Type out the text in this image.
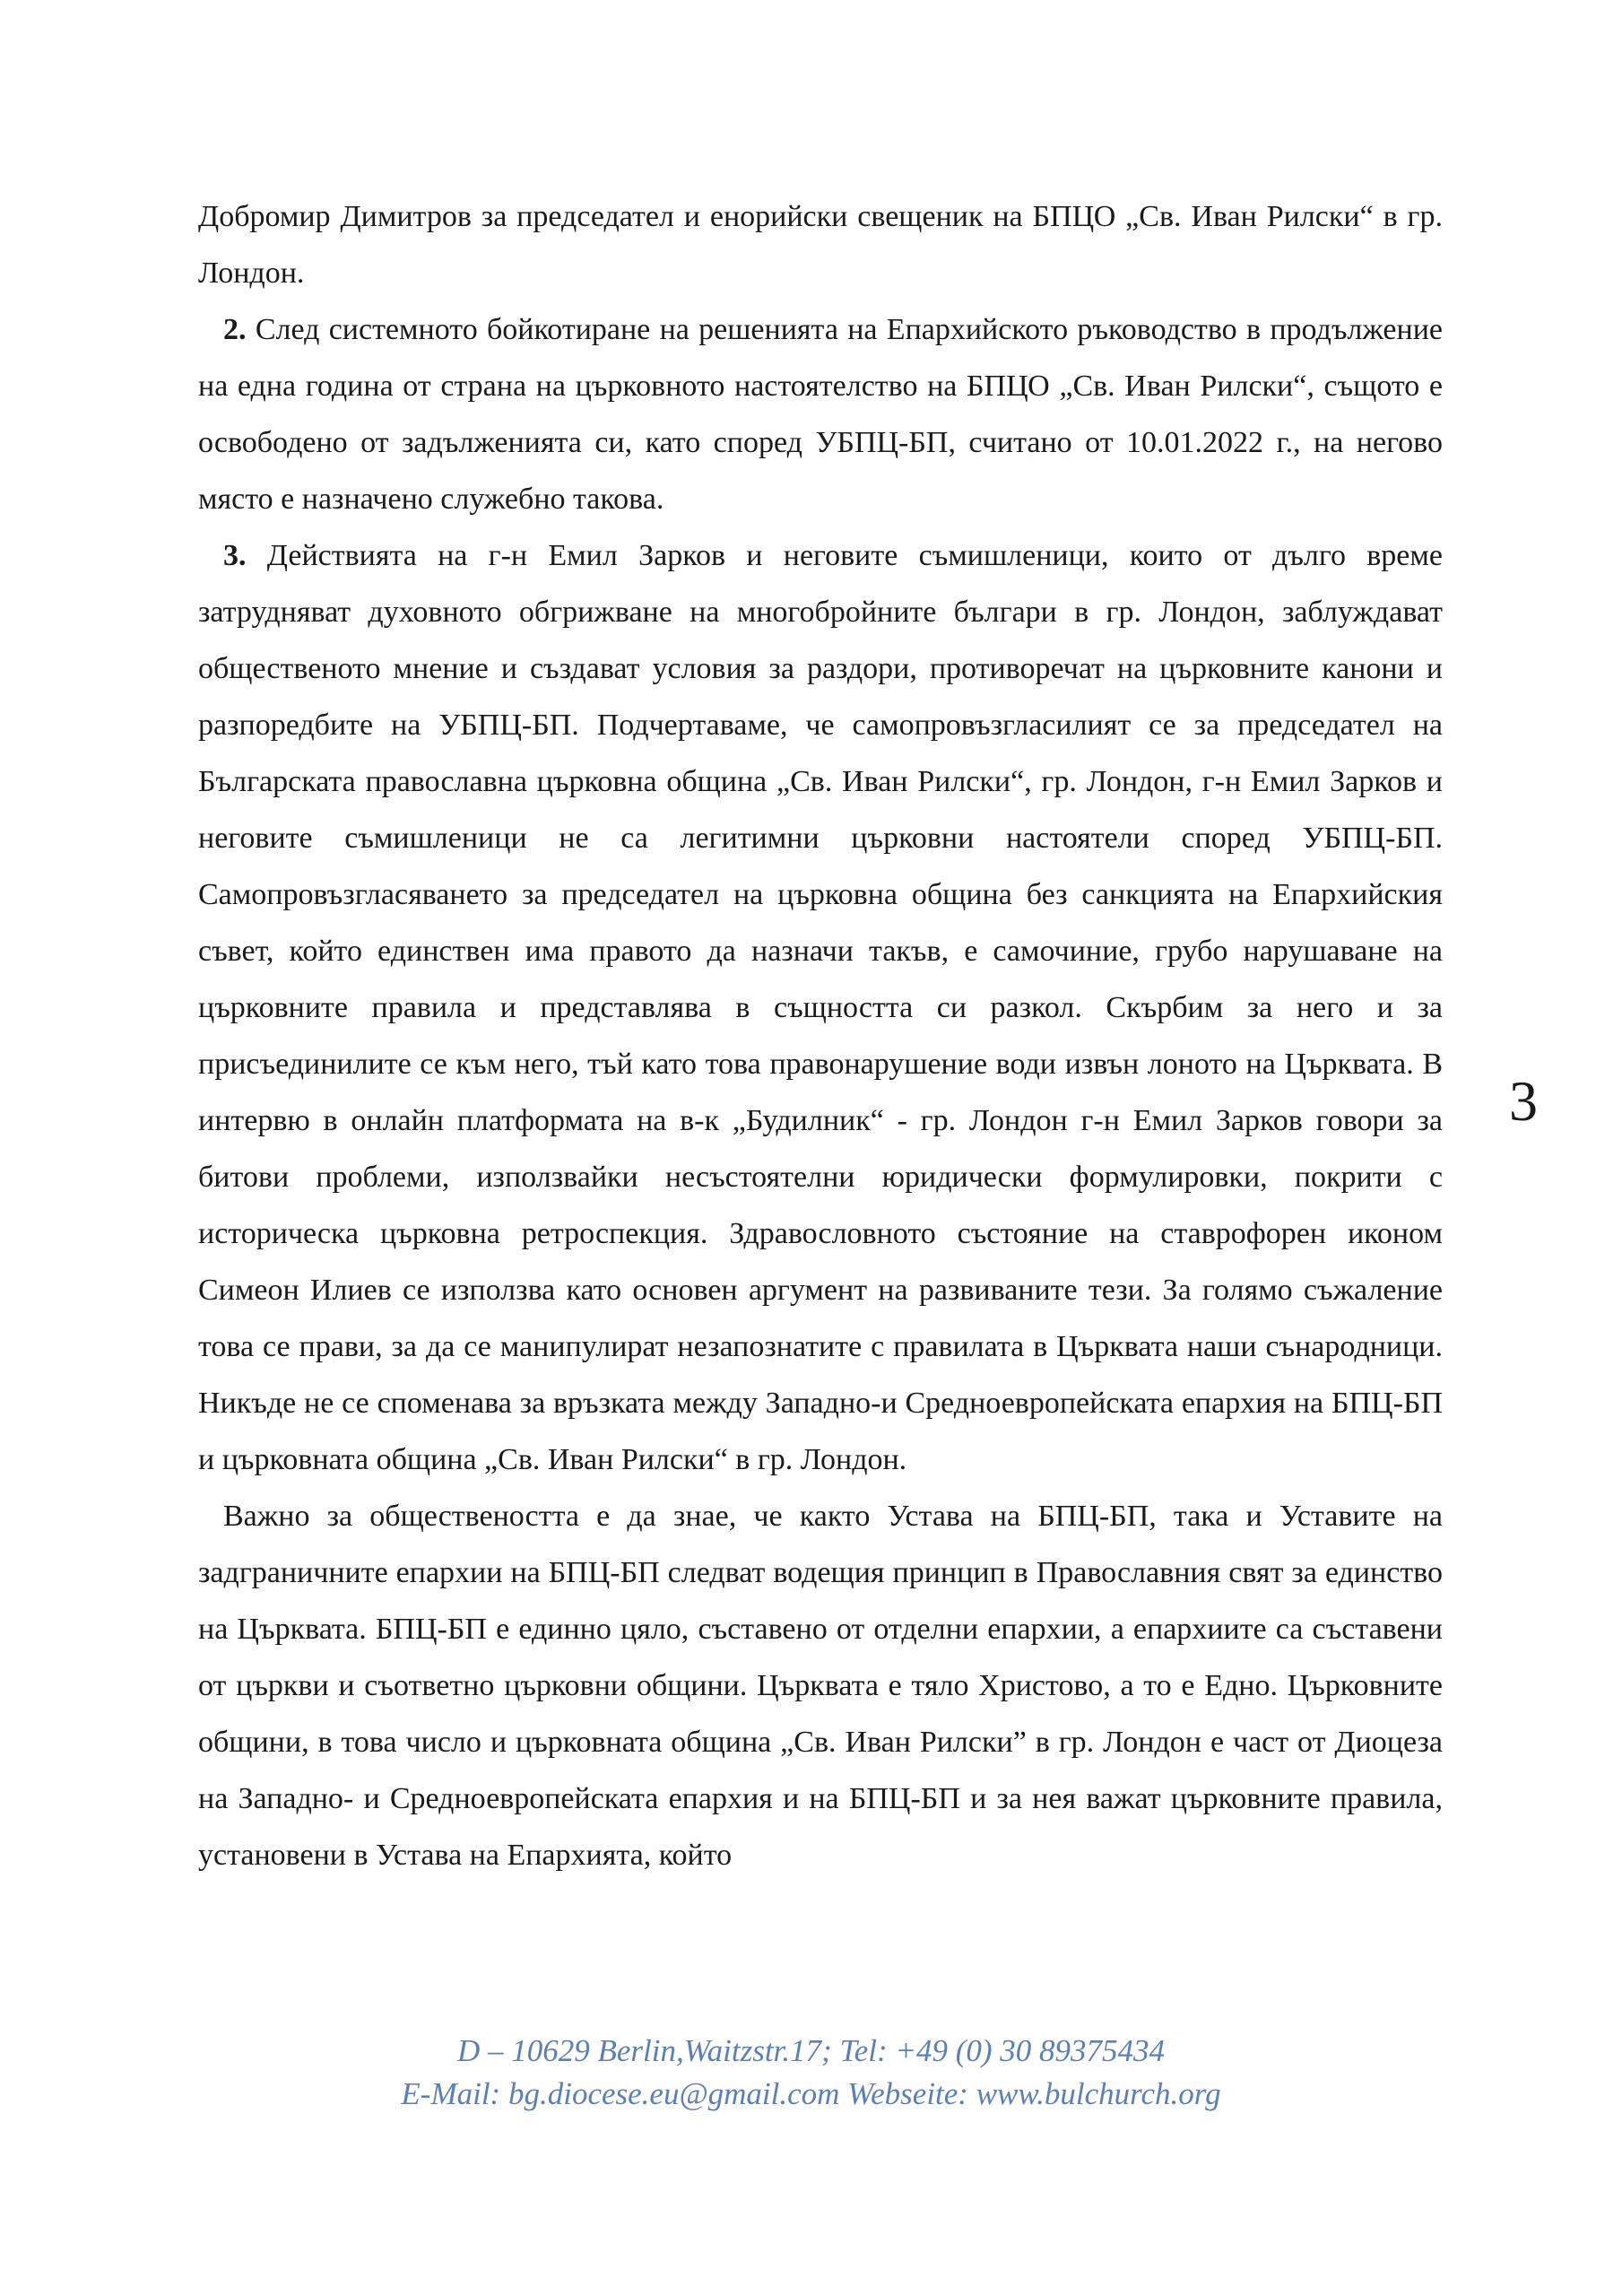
Добромир Димитров за председател и енорийски свещеник на БПЦО „Св. Иван Рилски“ в гр. Лондон.

2. След системното бойкотиране на решенията на Епархийското ръководство в продължение на една година от страна на църковното настоятелство на БПЦО „Св. Иван Рилски“, същото е освободено от задълженията си, като според УБПЦ-БП, считано от 10.01.2022 г., на негово място е назначено служебно такова.

3. Действията на г-н Емил Зарков и неговите съмишленици, които от дълго време затрудняват духовното обгрижване на многобройните българи в гр. Лондон, заблуждават общественото мнение и създават условия за раздори, противоречат на църковните канони и разпоредбите на УБПЦ-БП. Подчертаваме, че самопровъзгласилият се за председател на Българската православна църковна община „Св. Иван Рилски“, гр. Лондон, г-н Емил Зарков и неговите съмишленици не са легитимни църковни настоятели според УБПЦ-БП. Самопровъзгласяването за председател на църковна община без санкцията на Епархийския съвет, който единствен има правото да назначи такъв, е самочиние, грубо нарушаване на църковните правила и представлява в същността си разкол. Скърбим за него и за присъединилите се към него, тъй като това правонарушение води извън лоното на Църквата. В интервю в онлайн платформата на в-к „Будилник“ - гр. Лондон г-н Емил Зарков говори за битови проблеми, използвайки несъстоятелни юридически формулировки, покрити с историческа църковна ретроспекция. Здравословното състояние на ставрофорен иконом Симеон Илиев се използва като основен аргумент на развиваните тези. За голямо съжаление това се прави, за да се манипулират незапознатите с правилата в Църквата наши сънародници. Никъде не се споменава за връзката между Западно-и Средноевропейската епархия на БПЦ-БП и църковната община „Св. Иван Рилски“ в гр. Лондон.

Важно за обществеността е да знае, че както Устава на БПЦ-БП, така и Уставите на задграничните епархии на БПЦ-БП следват водещия принцип в Православния свят за единство на Църквата. БПЦ-БП е единно цяло, съставено от отделни епархии, а епархиите са съставени от църкви и съответно църковни общини. Църквата е тяло Христово, а то е Едно. Църковните общини, в това число и църковната община „Св. Иван Рилски” в гр. Лондон е част от Диоцеза на Западно- и Средноевропейската епархия и на БПЦ-БП и за нея важат църковните правила, установени в Устава на Епархията, който

3
D – 10629 Berlin,Waitzstr.17; Tel: +49 (0) 30 89375434
E-Mail: bg.diocese.eu@gmail.com Webseite: www.bulchurch.org
